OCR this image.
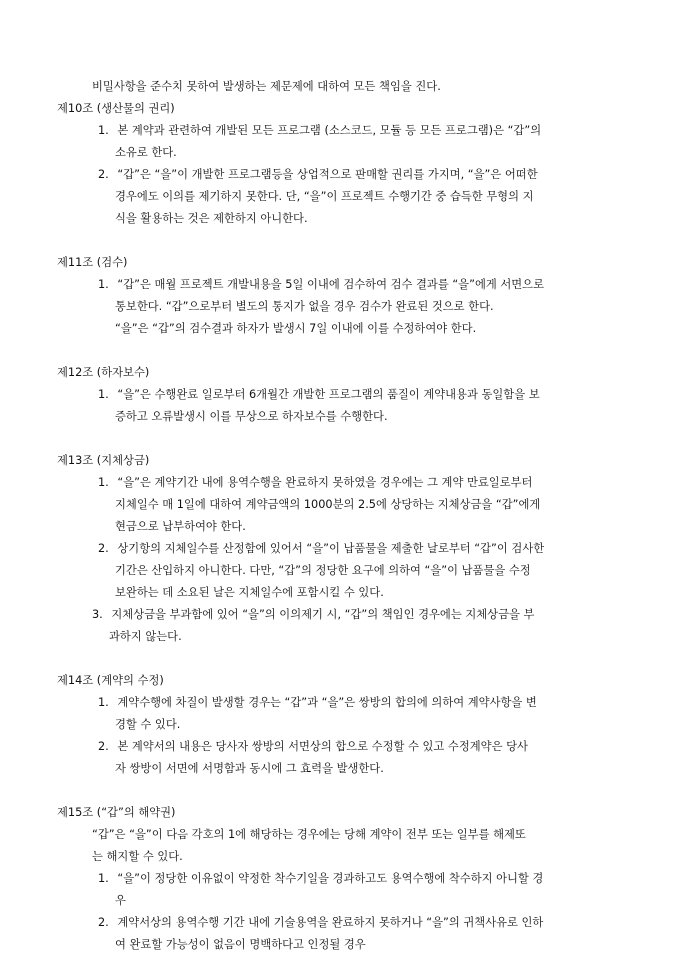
비밀사항을 준수치 못하여 발생하는 제문제에 대하여 모든 책임을 진다.
제10조 (생산물의 권리)
1. 본 계약과 관련하여 개발된 모든 프로그램 (소스코드, 모듈 등 모든 프로그램)은 “갑”의
소유로 한다.
2. “갑”은 “을”이 개발한 프로그램등을 상업적으로 판매할 권리를 가지며, “을”은 어떠한
경우에도 이의를 제기하지 못한다. 단, “을”이 프로젝트 수행기간 중 습득한 무형의 지
식을 활용하는 것은 제한하지 아니한다.
제11조 (검수)
1. “갑”은 매월 프로젝트 개발내용을 5일 이내에 검수하여 검수 결과를 “을”에게 서면으로
통보한다. “갑”으로부터 별도의 통지가 없을 경우 검수가 완료된 것으로 한다.
“을”은 “갑”의 검수결과 하자가 발생시 7일 이내에 이를 수정하여야 한다.
제12조 (하자보수)
1. “을”은 수행완료 일로부터 6개월간 개발한 프로그램의 품질이 계약내용과 동일함을 보
증하고 오류발생시 이를 무상으로 하자보수를 수행한다.
제13조 (지체상금)
1. “을”은 계약기간 내에 용역수행을 완료하지 못하였을 경우에는 그 계약 만료일로부터
지체일수 매 1일에 대하여 계약금액의 1000분의 2.5에 상당하는 지체상금을 “갑”에게
현금으로 납부하여야 한다.
2. 상기항의 지체일수를 산정함에 있어서 “을”이 납품물을 제출한 날로부터 “갑”이 검사한
기간은 산입하지 아니한다. 다만, “갑”의 정당한 요구에 의하여 “을”이 납품물을 수정
보완하는 데 소요된 날은 지체일수에 포함시킬 수 있다.
3. 지체상금을 부과함에 있어 “을”의 이의제기 시, “갑”의 책임인 경우에는 지체상금을 부
과하지 않는다.
제14조 (계약의 수정)
1. 계약수행에 차질이 발생할 경우는 “갑”과 “을”은 쌍방의 합의에 의하여 계약사항을 변
경할 수 있다.
2. 본 계약서의 내용은 당사자 쌍방의 서면상의 합으로 수정할 수 있고 수정계약은 당사
자 쌍방이 서면에 서명함과 동시에 그 효력을 발생한다.
제15조 (“갑”의 해약권)
“갑”은 “을”이 다음 각호의 1에 해당하는 경우에는 당해 계약이 전부 또는 일부를 해제또
는 해지할 수 있다.
1. “을”이 정당한 이유없이 약정한 착수기일을 경과하고도 용역수행에 착수하지 아니할 경
우
2. 계약서상의 용역수행 기간 내에 기술용역을 완료하지 못하거나 “을”의 귀책사유로 인하
여 완료할 가능성이 없음이 명백하다고 인정될 경우
